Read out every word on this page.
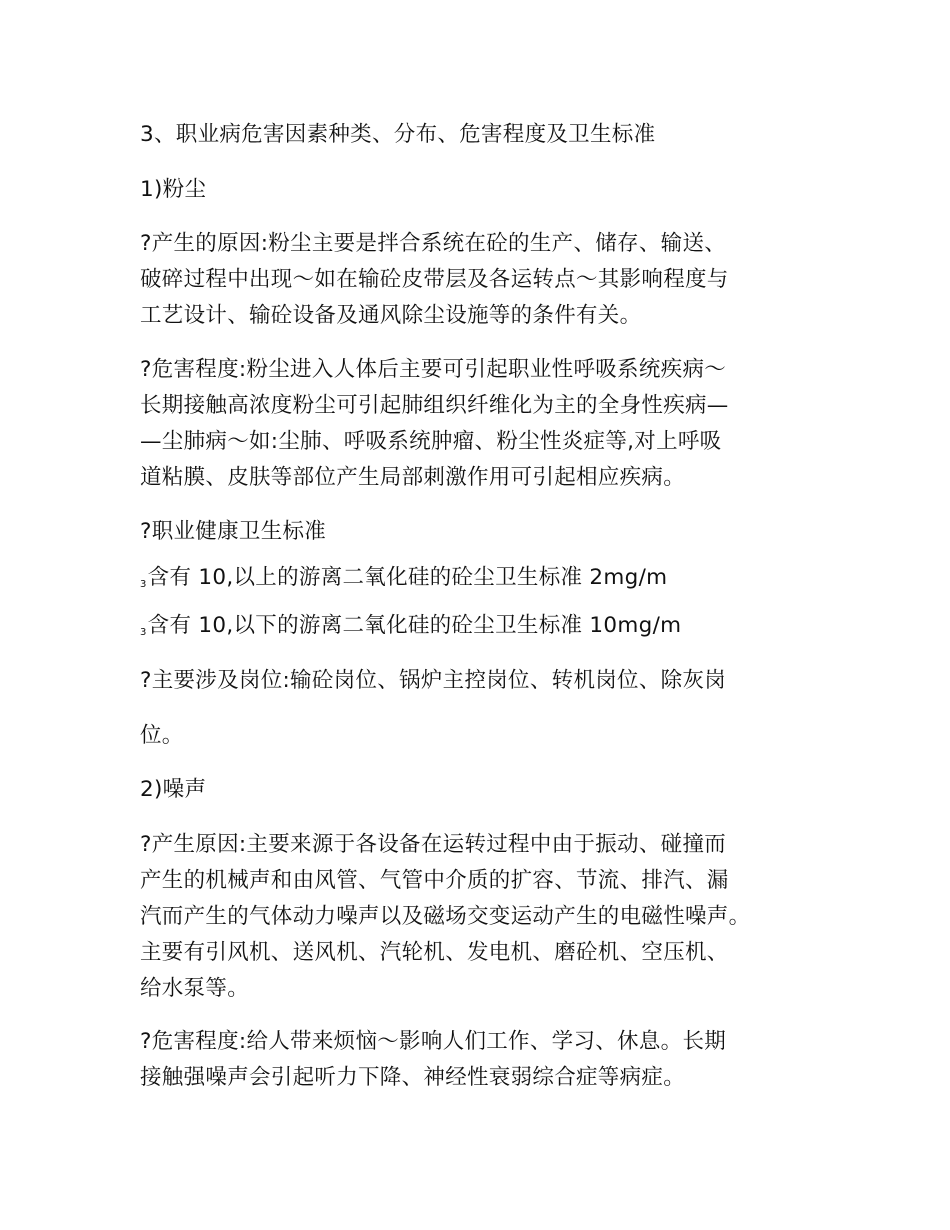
3、职业病危害因素种类、分布、危害程度及卫生标准
1)粉尘
?产生的原因:粉尘主要是拌合系统在砼的生产、储存、输送、
破碎过程中出现～如在输砼皮带层及各运转点～其影响程度与
工艺设计、输砼设备及通风除尘设施等的条件有关。
?危害程度:粉尘进入人体后主要可引起职业性呼吸系统疾病～
长期接触高浓度粉尘可引起肺组织纤维化为主的全身性疾病—
—尘肺病～如:尘肺、呼吸系统肿瘤、粉尘性炎症等,对上呼吸
道粘膜、皮肤等部位产生局部刺激作用可引起相应疾病。
?职业健康卫生标准
3含有 10,以上的游离二氧化硅的砼尘卫生标准 2mg/m
3含有 10,以下的游离二氧化硅的砼尘卫生标准 10mg/m
?主要涉及岗位:输砼岗位、锅炉主控岗位、转机岗位、除灰岗
位。
2)噪声
?产生原因:主要来源于各设备在运转过程中由于振动、碰撞而
产生的机械声和由风管、气管中介质的扩容、节流、排汽、漏
汽而产生的气体动力噪声以及磁场交变运动产生的电磁性噪声。
主要有引风机、送风机、汽轮机、发电机、磨砼机、空压机、
给水泵等。
?危害程度:给人带来烦恼～影响人们工作、学习、休息。长期
接触强噪声会引起听力下降、神经性衰弱综合症等病症。
